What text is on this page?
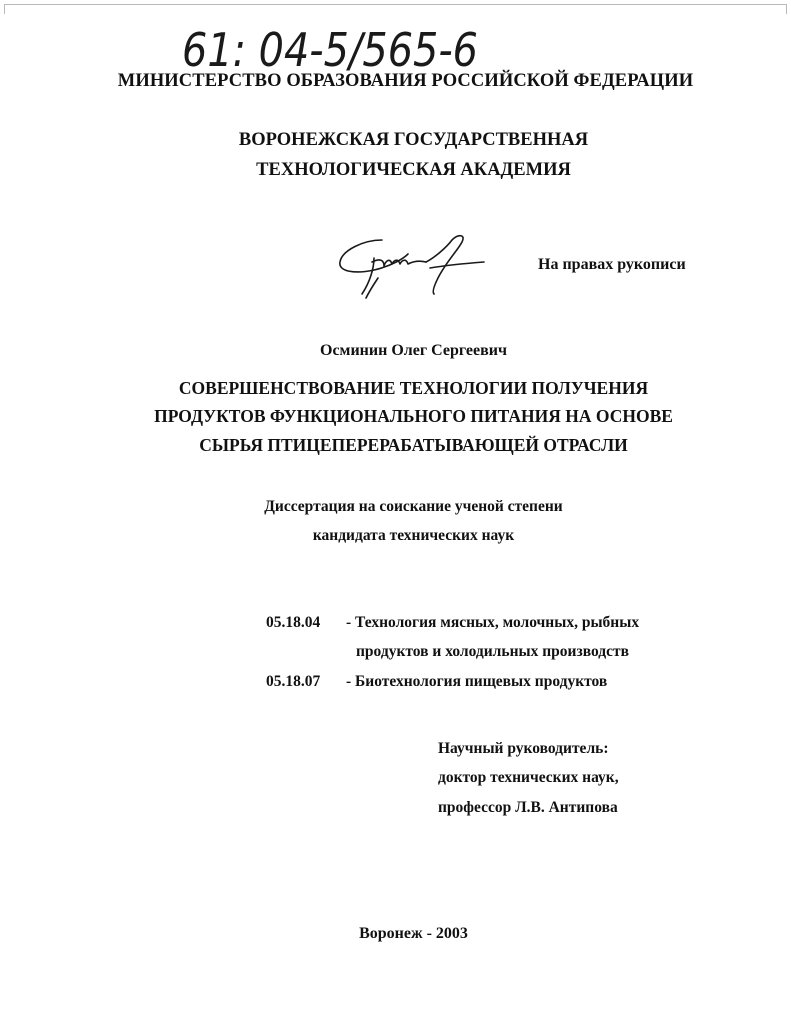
61: 04-5/565-6
МИНИСТЕРСТВО ОБРАЗОВАНИЯ РОССИЙСКОЙ ФЕДЕРАЦИИ
ВОРОНЕЖСКАЯ ГОСУДАРСТВЕННАЯ
ТЕХНОЛОГИЧЕСКАЯ АКАДЕМИЯ
На правах рукописи
Осминин Олег Сергеевич
СОВЕРШЕНСТВОВАНИЕ ТЕХНОЛОГИИ ПОЛУЧЕНИЯ
ПРОДУКТОВ ФУНКЦИОНАЛЬНОГО ПИТАНИЯ НА ОСНОВЕ
СЫРЬЯ ПТИЦЕПЕРЕРАБАТЫВАЮЩЕЙ ОТРАСЛИ
Диссертация на соискание ученой степени
кандидата технических наук
05.18.04 - Технология мясных, молочных, рыбных
продуктов и холодильных производств
05.18.07 - Биотехнология пищевых продуктов
Научный руководитель:
доктор технических наук,
профессор Л.В. Антипова
Воронеж - 2003
